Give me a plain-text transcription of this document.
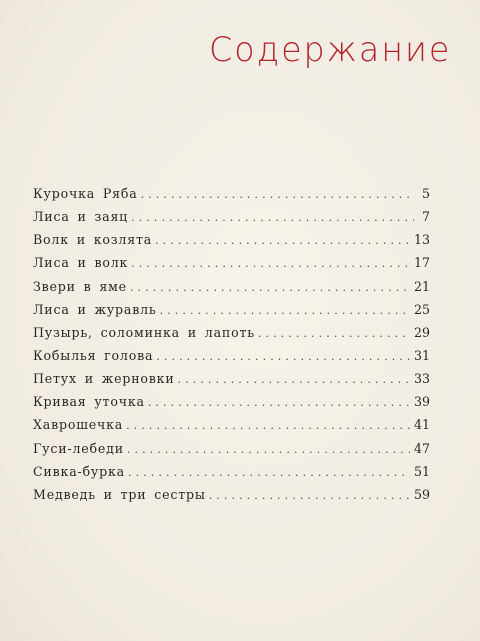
Содержание
Курочка Ряба . . .	5
Лиса и заяц . . .	7
Волк и козлята . . .	13
Лиса и волк . . .	17
Звери в яме . . .	21
Лиса и журавль . . .	25
Пузырь, соломинка и лапоть . . .	29
Кобылья голова . . .	31
Петух и жерновки . . .	33
Кривая уточка . . .	39
Хаврошечка . . .	41
Гуси-лебеди . . .	47
Сивка-бурка . . .	51
Медведь и три сестры . . .	59
